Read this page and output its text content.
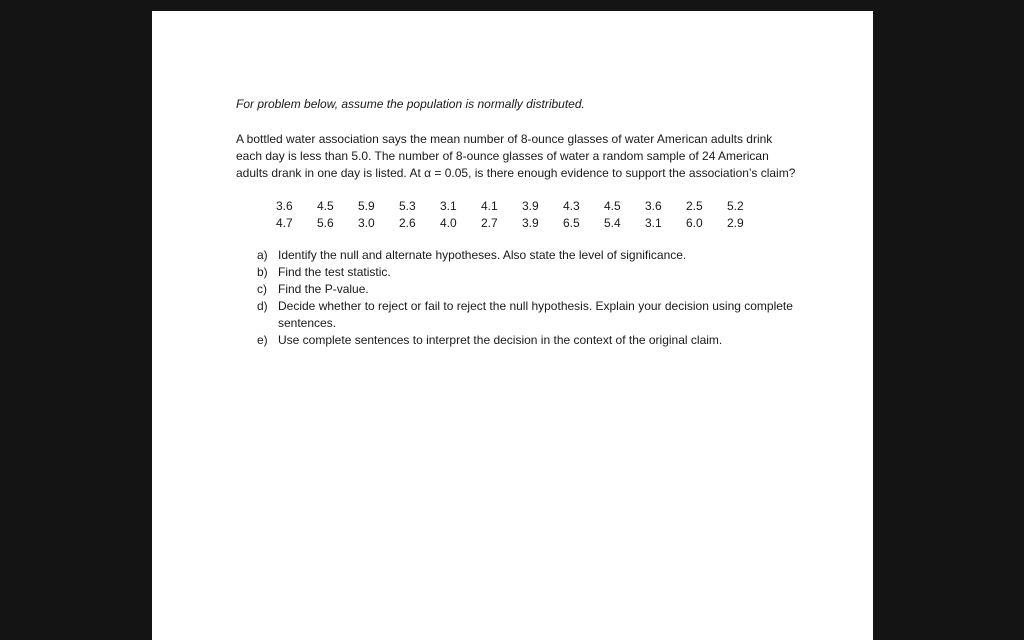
For problem below, assume the population is normally distributed.

A bottled water association says the mean number of 8-ounce glasses of water American adults drink each day is less than 5.0. The number of 8-ounce glasses of water a random sample of 24 American adults drank in one day is listed. At α = 0.05, is there enough evidence to support the association’s claim?

3.6	4.5	5.9	5.3	3.1	4.1	3.9	4.3	4.5	3.6	2.5	5.2
4.7	5.6	3.0	2.6	4.0	2.7	3.9	6.5	5.4	3.1	6.0	2.9
a) Identify the null and alternate hypotheses. Also state the level of significance.
b) Find the test statistic.
c) Find the P-value.
d) Decide whether to reject or fail to reject the null hypothesis. Explain your decision using complete sentences.
e) Use complete sentences to interpret the decision in the context of the original claim.
